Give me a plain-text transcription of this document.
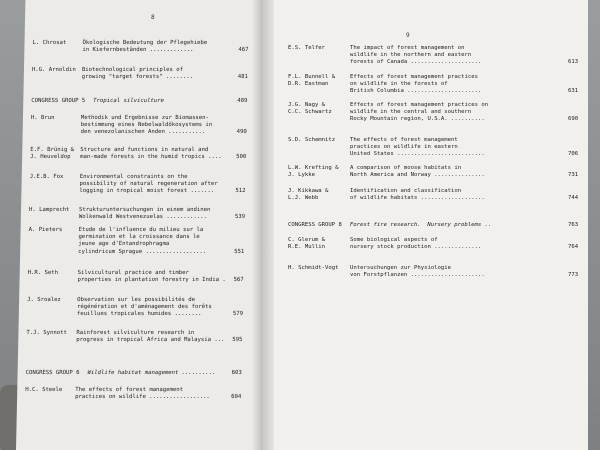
8
L. Chrosat	Ökologische Bedeutung der Pflegehiebe
in Kiefernbeständen .............	467
H.G. Arnoldin Biotechnological principles of
growing "target forests" ........	481
CONGRESS GROUP 5 Tropical silviculture	489
H. Brun	Methodik und Ergebnisse zur Biomassen-
bestimmung eines Nebelwaldökosystems in
den venezolanischen Anden ...........	490
E.F. Brünig &
J. Heuveldop
Structure and functions in natural and
man-made forests in the humid tropics ....	500
J.E.B. Fox	Environmental constraints on the
possibility of natural regeneration after
logging in tropical moist forest .......	512
H. Lamprecht Strukturuntersuchungen in einem andinen
Wolkenwald Westvenezuelas ............	539
A. Pieters	Etude de l'influence du milieu sur la
germination et la croissance dans le
jeune age d'Entandrophragma
cylindricum Sprague ..................	551
H.R. Seth	Silvicultural practice and timber
properties in plantation forestry in India . 567
J. Sroalez	Observation sur les possibilités de
régénération et d'aménagement des forêts
feuillues tropicales humides ........	579
T.J. Synnott Rainforest silviculture research in
progress in tropical Africa and Malaysia ... 595
CONGRESS GROUP 6 Wildlife habitat management ..........	603
H.C. Steele The effects of forest management
practices on wildlife ..................	604
9
E.S. Telfer	The impact of forest management on
wildlife in the northern and eastern
forests of Canada .....................	613
F.L. Bunnell &
D.R. Eastman
Effects of forest management practices
on wildlife in the forests of
British Columbia ......................	631
J.G. Nagy &
C.C. Schwartz
Effects of forest management practices on
wildlife in the central and southern
Rocky Mountain region, U.S.A. ..........	690
S.D. Schemnitz	The effects of forest management
practices on wildlife in eastern
United States ..........................	706
L.W. Krefting &
J. Lykke
A comparison of moose habitats in
North America and Norway ...............	731
J. Kikkawa &
L.J. Webb
Identification and classification
of wildlife habitats ...................	744
CONGRESS GROUP 8 Forest fire research.  Nursery problems ..	763
C. Glerum &
R.E. Mullin
Some biological aspects of
nursery stock production ..............	764
H. Schmidt-Vogt Untersuchungen zur Physiologie
von Forstpflanzen ......................	773
